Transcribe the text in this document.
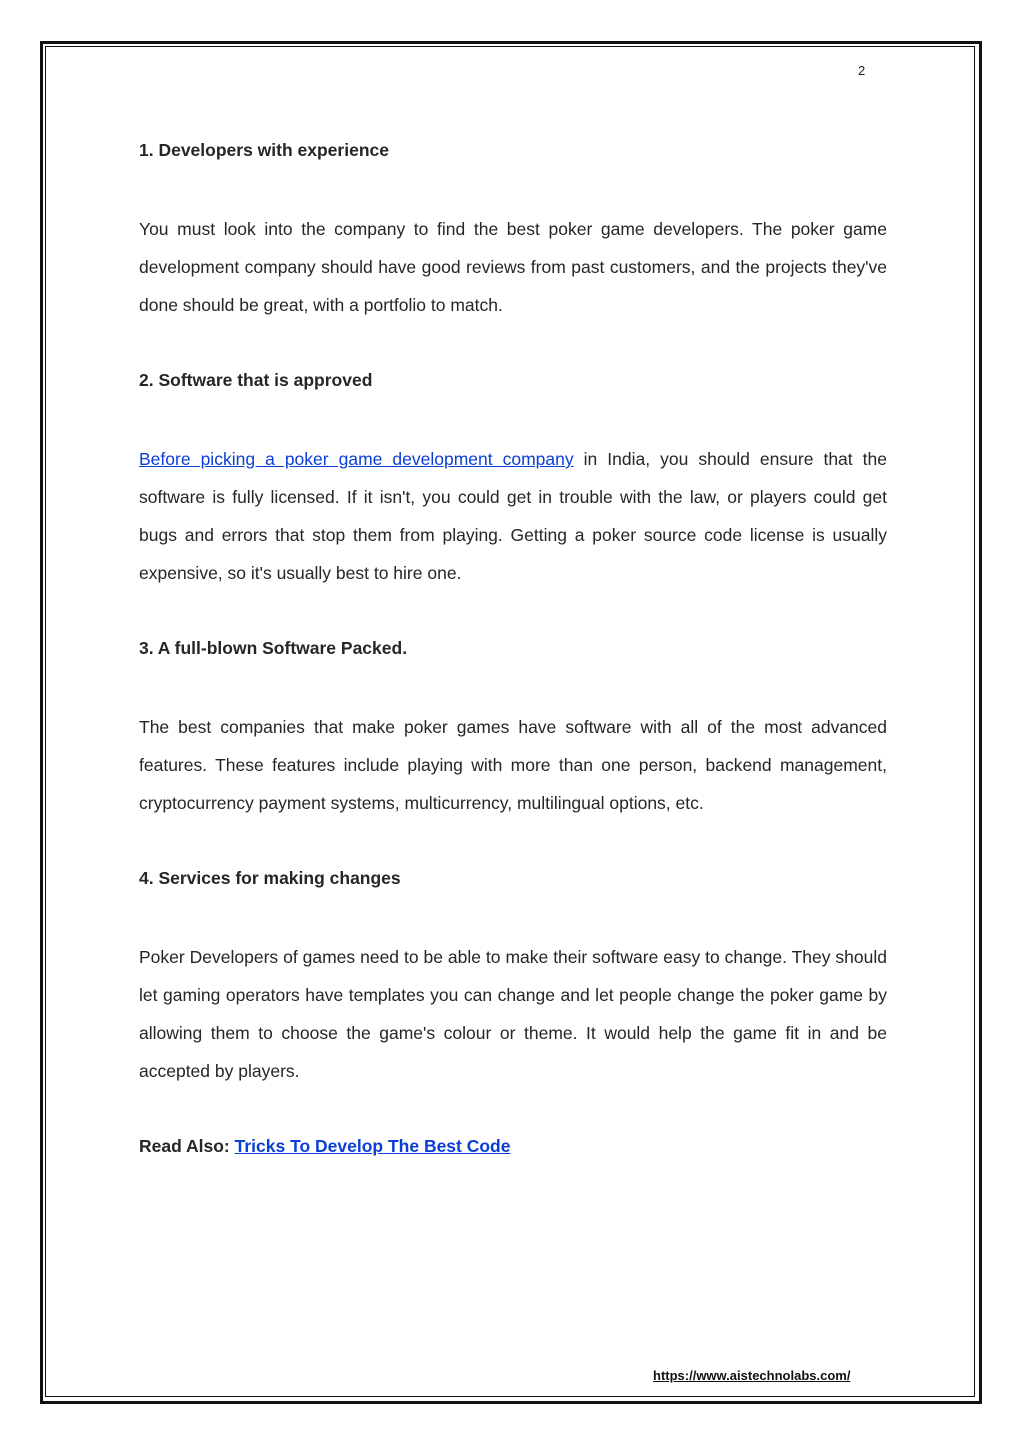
2

1. Developers with experience

You must look into the company to find the best poker game developers. The poker game development company should have good reviews from past customers, and the projects they've done should be great, with a portfolio to match.

2. Software that is approved

Before picking a poker game development company in India, you should ensure that the software is fully licensed. If it isn't, you could get in trouble with the law, or players could get bugs and errors that stop them from playing. Getting a poker source code license is usually expensive, so it's usually best to hire one.

3. A full-blown Software Packed.

The best companies that make poker games have software with all of the most advanced features. These features include playing with more than one person, backend management, cryptocurrency payment systems, multicurrency, multilingual options, etc.

4. Services for making changes

Poker Developers of games need to be able to make their software easy to change. They should let gaming operators have templates you can change and let people change the poker game by allowing them to choose the game's colour or theme. It would help the game fit in and be accepted by players.

Read Also: Tricks To Develop The Best Code

https://www.aistechnolabs.com/
